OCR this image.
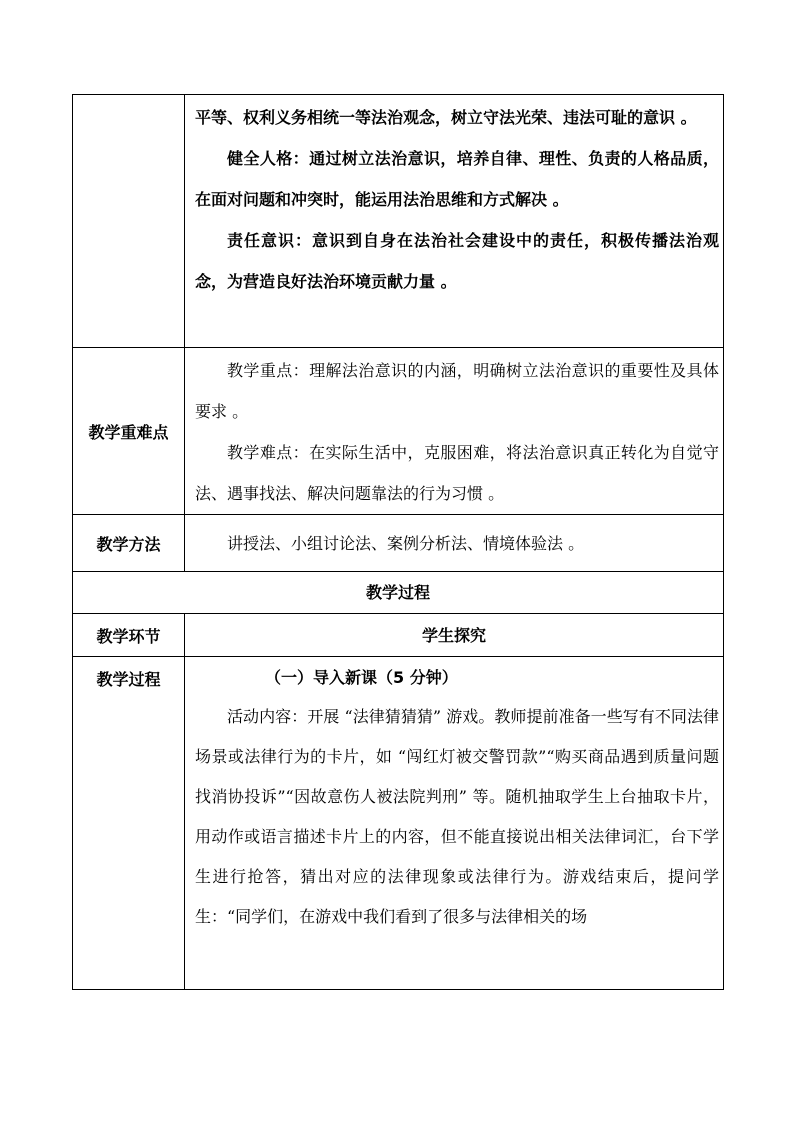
	平等、权利义务相统一等法治观念，树立守法光荣、违法可耻的意识 。

健全人格：通过树立法治意识，培养自律、理性、负责的人格品质，在面对问题和冲突时，能运用法治思维和方式解决 。

责任意识：意识到自身在法治社会建设中的责任，积极传播法治观念，为营造良好法治环境贡献力量 。

教学重难点	教学重点：理解法治意识的内涵，明确树立法治意识的重要性及具体要求 。

教学难点：在实际生活中，克服困难，将法治意识真正转化为自觉守法、遇事找法、解决问题靠法的行为习惯 。

教学方法	讲授法、小组讨论法、案例分析法、情境体验法 。

教学过程	
教学环节	学生探究
教学过程	（一）导入新课（5 分钟）

活动内容：开展 “法律猜猜猜” 游戏。教师提前准备一些写有不同法律场景或法律行为的卡片，如 “闯红灯被交警罚款”“购买商品遇到质量问题找消协投诉”“因故意伤人被法院判刑” 等。随机抽取学生上台抽取卡片，用动作或语言描述卡片上的内容，但不能直接说出相关法律词汇，台下学生进行抢答，猜出对应的法律现象或法律行为。游戏结束后，提问学生：“同学们，在游戏中我们看到了很多与法律相关的场
